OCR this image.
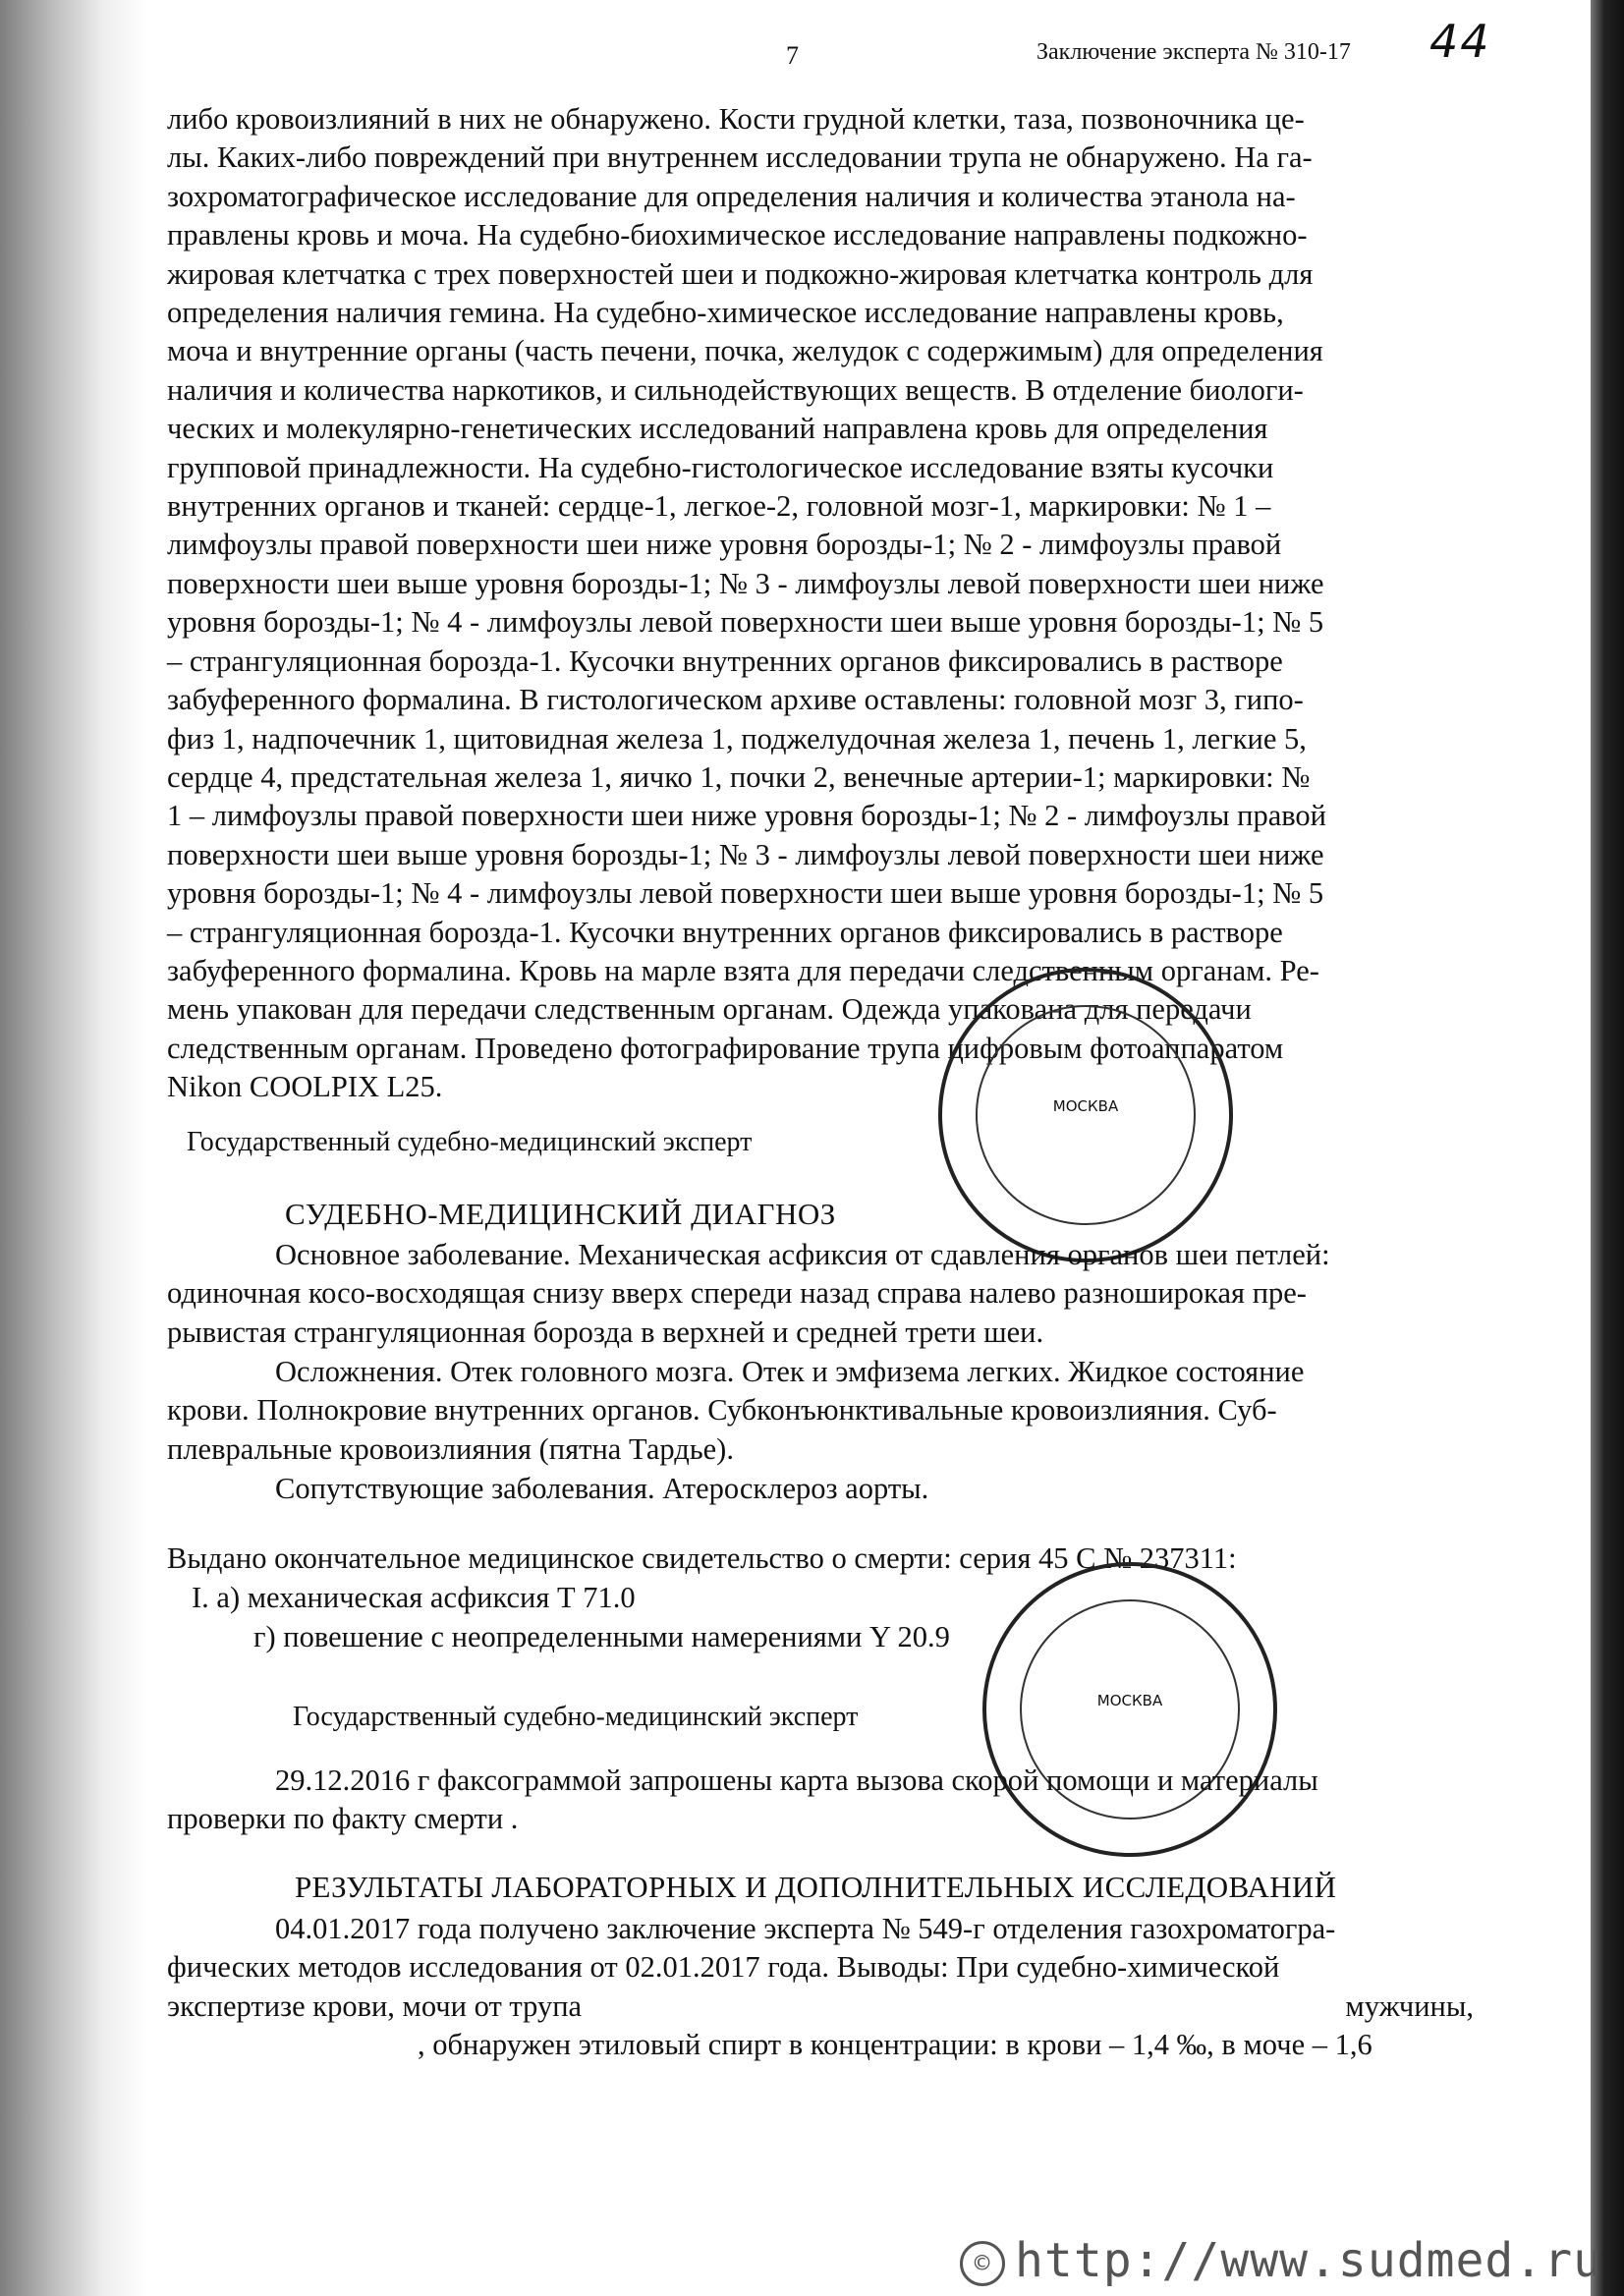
7	Заключение эксперта № 310-17 44
либо кровоизлияний в них не обнаружено. Кости грудной клетки, таза, позвоночника це-
лы. Каких-либо повреждений при внутреннем исследовании трупа не обнаружено. На га-
зохроматографическое исследование для определения наличия и количества этанола на-
правлены кровь и моча. На судебно-биохимическое исследование направлены подкожно-
жировая клетчатка с трех поверхностей шеи и подкожно-жировая клетчатка контроль для
определения наличия гемина. На судебно-химическое исследование направлены кровь,
моча и внутренние органы (часть печени, почка, желудок с содержимым) для определения
наличия и количества наркотиков, и сильнодействующих веществ. В отделение биологи-
ческих и молекулярно-генетических исследований направлена кровь для определения
групповой принадлежности. На судебно-гистологическое исследование взяты кусочки
внутренних органов и тканей: сердце-1, легкое-2, головной мозг-1, маркировки: № 1 –
лимфоузлы правой поверхности шеи ниже уровня борозды-1; № 2 - лимфоузлы правой
поверхности шеи выше уровня борозды-1; № 3 - лимфоузлы левой поверхности шеи ниже
уровня борозды-1; № 4 - лимфоузлы левой поверхности шеи выше уровня борозды-1; № 5
– странгуляционная борозда-1. Кусочки внутренних органов фиксировались в растворе
забуференного формалина. В гистологическом архиве оставлены: головной мозг 3, гипо-
физ 1, надпочечник 1, щитовидная железа 1, поджелудочная железа 1, печень 1, легкие 5,
сердце 4, предстательная железа 1, яичко 1, почки 2, венечные артерии-1; маркировки: №
1 – лимфоузлы правой поверхности шеи ниже уровня борозды-1; № 2 - лимфоузлы правой
поверхности шеи выше уровня борозды-1; № 3 - лимфоузлы левой поверхности шеи ниже
уровня борозды-1; № 4 - лимфоузлы левой поверхности шеи выше уровня борозды-1; № 5
– странгуляционная борозда-1. Кусочки внутренних органов фиксировались в растворе
забуференного формалина. Кровь на марле взята для передачи следственным органам. Ре-
мень упакован для передачи следственным органам. Одежда упакована для передачи
следственным органам. Проведено фотографирование трупа цифровым фотоаппаратом
Nikon COOLPIX L25.
Государственный судебно-медицинский эксперт
МОСКВА
СУДЕБНО-МЕДИЦИНСКИЙ ДИАГНОЗ
Основное заболевание. Механическая асфиксия от сдавления органов шеи петлей:
одиночная косо-восходящая снизу вверх спереди назад справа налево разноширокая пре-
рывистая странгуляционная борозда в верхней и средней трети шеи.
Осложнения. Отек головного мозга. Отек и эмфизема легких. Жидкое состояние
крови. Полнокровие внутренних органов. Субконъюнктивальные кровоизлияния. Суб-
плевральные кровоизлияния (пятна Тардье).
Сопутствующие заболевания. Атеросклероз аорты.
Выдано окончательное медицинское свидетельство о смерти: серия 45 С № 237311:
I. а) механическая асфиксия Т 71.0
г) повешение с неопределенными намерениями Y 20.9
Государственный судебно-медицинский эксперт
МОСКВА
29.12.2016 г факсограммой запрошены карта вызова скорой помощи и материалы
проверки по факту смерти .
РЕЗУЛЬТАТЫ ЛАБОРАТОРНЫХ И ДОПОЛНИТЕЛЬНЫХ ИССЛЕДОВАНИЙ
04.01.2017 года получено заключение эксперта № 549-г отделения газохроматогра-
фических методов исследования от 02.01.2017 года. Выводы: При судебно-химической
экспертизе крови, мочи от трупа	мужчины,
, обнаружен этиловый спирт в концентрации: в крови – 1,4 ‰, в моче – 1,6
© http://www.sudmed.ru
